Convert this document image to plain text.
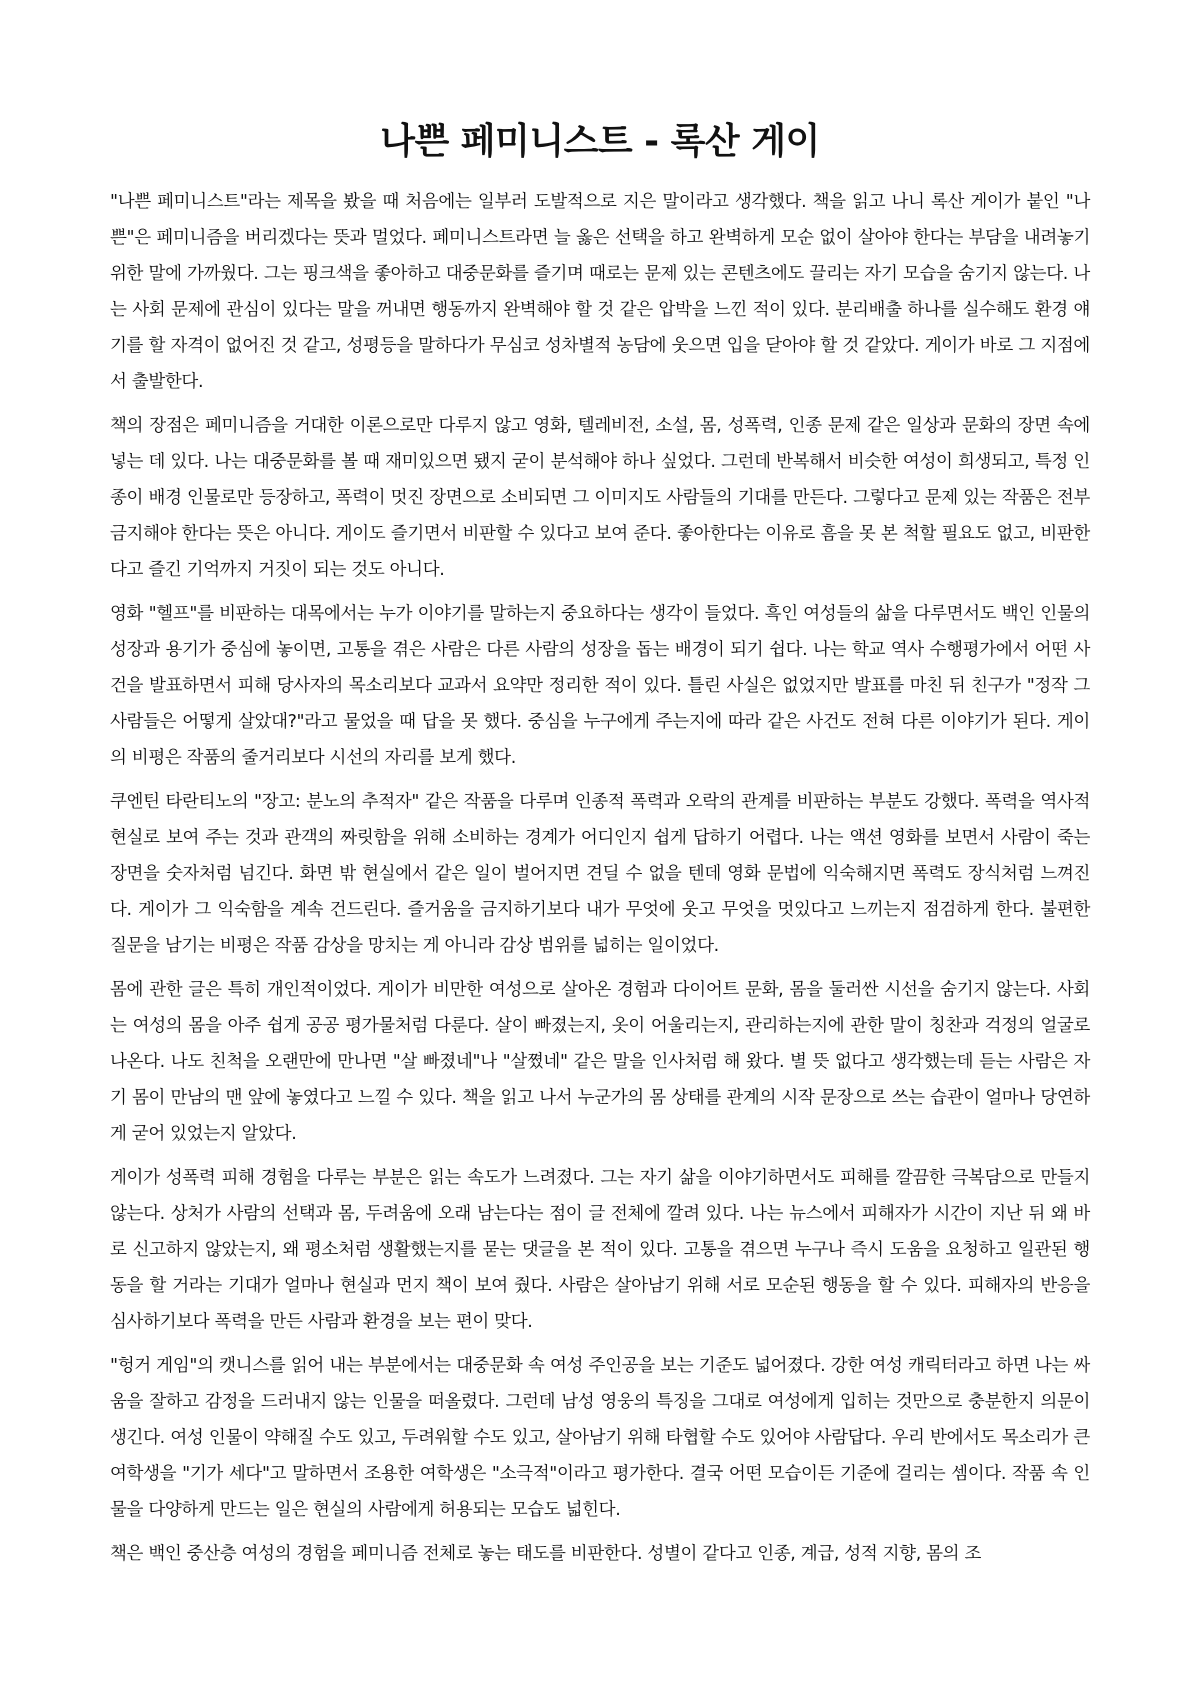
나쁜 페미니스트 - 록산 게이

"나쁜 페미니스트"라는 제목을 봤을 때 처음에는 일부러 도발적으로 지은 말이라고 생각했다. 책을 읽고 나니 록산 게이가 붙인 "나쁜"은 페미니즘을 버리겠다는 뜻과 멀었다. 페미니스트라면 늘 옳은 선택을 하고 완벽하게 모순 없이 살아야 한다는 부담을 내려놓기 위한 말에 가까웠다. 그는 핑크색을 좋아하고 대중문화를 즐기며 때로는 문제 있는 콘텐츠에도 끌리는 자기 모습을 숨기지 않는다. 나는 사회 문제에 관심이 있다는 말을 꺼내면 행동까지 완벽해야 할 것 같은 압박을 느낀 적이 있다. 분리배출 하나를 실수해도 환경 얘기를 할 자격이 없어진 것 같고, 성평등을 말하다가 무심코 성차별적 농담에 웃으면 입을 닫아야 할 것 같았다. 게이가 바로 그 지점에서 출발한다.

책의 장점은 페미니즘을 거대한 이론으로만 다루지 않고 영화, 텔레비전, 소설, 몸, 성폭력, 인종 문제 같은 일상과 문화의 장면 속에 넣는 데 있다. 나는 대중문화를 볼 때 재미있으면 됐지 굳이 분석해야 하나 싶었다. 그런데 반복해서 비슷한 여성이 희생되고, 특정 인종이 배경 인물로만 등장하고, 폭력이 멋진 장면으로 소비되면 그 이미지도 사람들의 기대를 만든다. 그렇다고 문제 있는 작품은 전부 금지해야 한다는 뜻은 아니다. 게이도 즐기면서 비판할 수 있다고 보여 준다. 좋아한다는 이유로 흠을 못 본 척할 필요도 없고, 비판한다고 즐긴 기억까지 거짓이 되는 것도 아니다.

영화 "헬프"를 비판하는 대목에서는 누가 이야기를 말하는지 중요하다는 생각이 들었다. 흑인 여성들의 삶을 다루면서도 백인 인물의 성장과 용기가 중심에 놓이면, 고통을 겪은 사람은 다른 사람의 성장을 돕는 배경이 되기 쉽다. 나는 학교 역사 수행평가에서 어떤 사건을 발표하면서 피해 당사자의 목소리보다 교과서 요약만 정리한 적이 있다. 틀린 사실은 없었지만 발표를 마친 뒤 친구가 "정작 그 사람들은 어떻게 살았대?"라고 물었을 때 답을 못 했다. 중심을 누구에게 주는지에 따라 같은 사건도 전혀 다른 이야기가 된다. 게이의 비평은 작품의 줄거리보다 시선의 자리를 보게 했다.

쿠엔틴 타란티노의 "장고: 분노의 추적자" 같은 작품을 다루며 인종적 폭력과 오락의 관계를 비판하는 부분도 강했다. 폭력을 역사적 현실로 보여 주는 것과 관객의 짜릿함을 위해 소비하는 경계가 어디인지 쉽게 답하기 어렵다. 나는 액션 영화를 보면서 사람이 죽는 장면을 숫자처럼 넘긴다. 화면 밖 현실에서 같은 일이 벌어지면 견딜 수 없을 텐데 영화 문법에 익숙해지면 폭력도 장식처럼 느껴진다. 게이가 그 익숙함을 계속 건드린다. 즐거움을 금지하기보다 내가 무엇에 웃고 무엇을 멋있다고 느끼는지 점검하게 한다. 불편한 질문을 남기는 비평은 작품 감상을 망치는 게 아니라 감상 범위를 넓히는 일이었다.

몸에 관한 글은 특히 개인적이었다. 게이가 비만한 여성으로 살아온 경험과 다이어트 문화, 몸을 둘러싼 시선을 숨기지 않는다. 사회는 여성의 몸을 아주 쉽게 공공 평가물처럼 다룬다. 살이 빠졌는지, 옷이 어울리는지, 관리하는지에 관한 말이 칭찬과 걱정의 얼굴로 나온다. 나도 친척을 오랜만에 만나면 "살 빠졌네"나 "살쪘네" 같은 말을 인사처럼 해 왔다. 별 뜻 없다고 생각했는데 듣는 사람은 자기 몸이 만남의 맨 앞에 놓였다고 느낄 수 있다. 책을 읽고 나서 누군가의 몸 상태를 관계의 시작 문장으로 쓰는 습관이 얼마나 당연하게 굳어 있었는지 알았다.

게이가 성폭력 피해 경험을 다루는 부분은 읽는 속도가 느려졌다. 그는 자기 삶을 이야기하면서도 피해를 깔끔한 극복담으로 만들지 않는다. 상처가 사람의 선택과 몸, 두려움에 오래 남는다는 점이 글 전체에 깔려 있다. 나는 뉴스에서 피해자가 시간이 지난 뒤 왜 바로 신고하지 않았는지, 왜 평소처럼 생활했는지를 묻는 댓글을 본 적이 있다. 고통을 겪으면 누구나 즉시 도움을 요청하고 일관된 행동을 할 거라는 기대가 얼마나 현실과 먼지 책이 보여 줬다. 사람은 살아남기 위해 서로 모순된 행동을 할 수 있다. 피해자의 반응을 심사하기보다 폭력을 만든 사람과 환경을 보는 편이 맞다.

"헝거 게임"의 캣니스를 읽어 내는 부분에서는 대중문화 속 여성 주인공을 보는 기준도 넓어졌다. 강한 여성 캐릭터라고 하면 나는 싸움을 잘하고 감정을 드러내지 않는 인물을 떠올렸다. 그런데 남성 영웅의 특징을 그대로 여성에게 입히는 것만으로 충분한지 의문이 생긴다. 여성 인물이 약해질 수도 있고, 두려워할 수도 있고, 살아남기 위해 타협할 수도 있어야 사람답다. 우리 반에서도 목소리가 큰 여학생을 "기가 세다"고 말하면서 조용한 여학생은 "소극적"이라고 평가한다. 결국 어떤 모습이든 기준에 걸리는 셈이다. 작품 속 인물을 다양하게 만드는 일은 현실의 사람에게 허용되는 모습도 넓힌다.

책은 백인 중산층 여성의 경험을 페미니즘 전체로 놓는 태도를 비판한다. 성별이 같다고 인종, 계급, 성적 지향, 몸의 조
